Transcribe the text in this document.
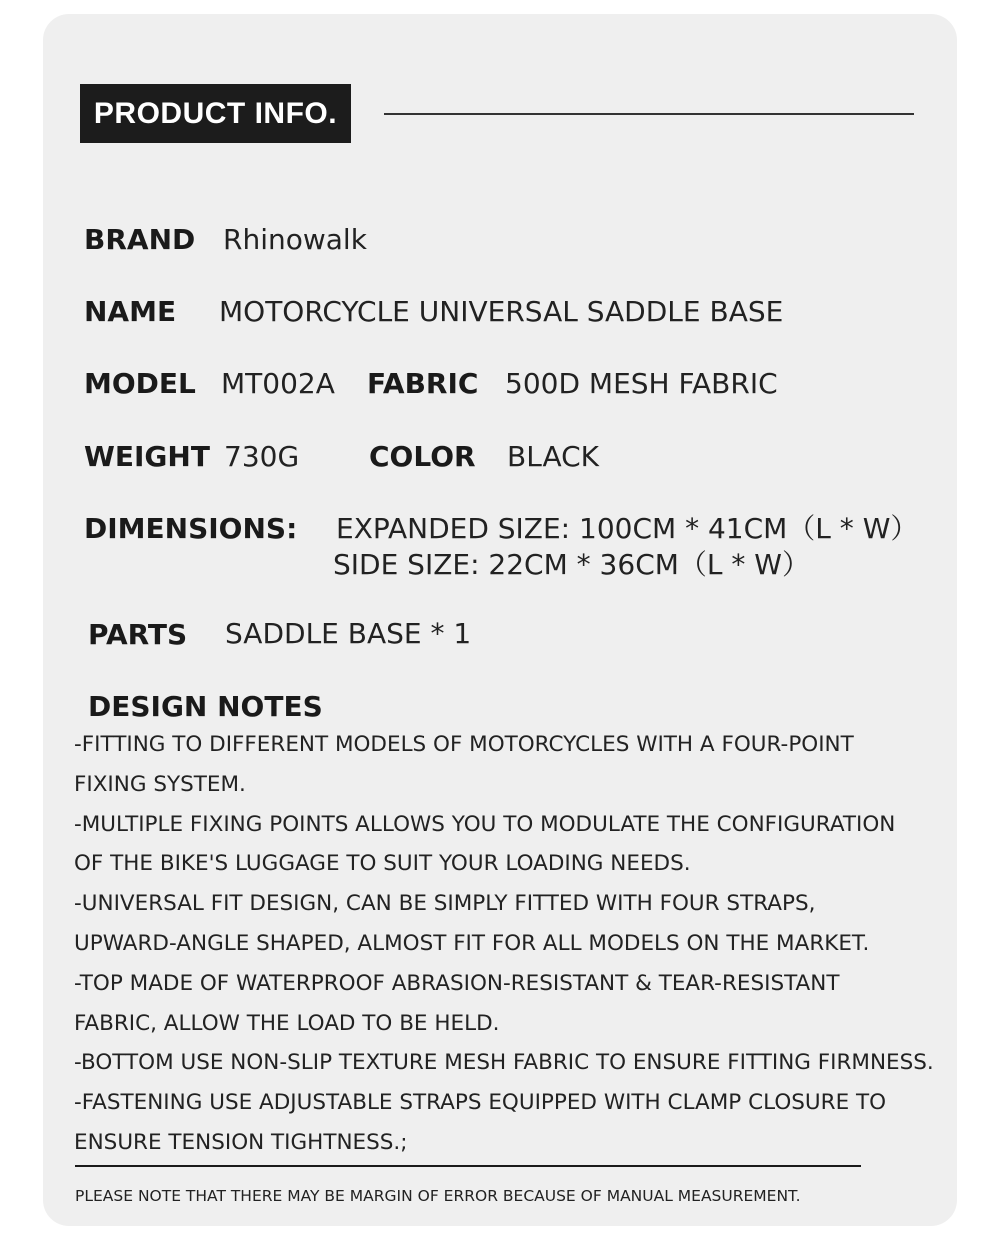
PRODUCT INFO.
BRAND Rhinowalk
NAME MOTORCYCLE UNIVERSAL SADDLE BASE
MODEL MT002A FABRIC 500D MESH FABRIC
WEIGHT 730G COLOR BLACK
DIMENSIONS: EXPANDED SIZE: 100CM * 41CM（L * W）
SIDE SIZE: 22CM * 36CM（L * W）
PARTS SADDLE BASE * 1
DESIGN NOTES
-FITTING TO DIFFERENT MODELS OF MOTORCYCLES WITH A FOUR-POINT
FIXING SYSTEM.
-MULTIPLE FIXING POINTS ALLOWS YOU TO MODULATE THE CONFIGURATION
OF THE BIKE'S LUGGAGE TO SUIT YOUR LOADING NEEDS.
-UNIVERSAL FIT DESIGN, CAN BE SIMPLY FITTED WITH FOUR STRAPS,
UPWARD-ANGLE SHAPED, ALMOST FIT FOR ALL MODELS ON THE MARKET.
-TOP MADE OF WATERPROOF ABRASION-RESISTANT & TEAR-RESISTANT
FABRIC, ALLOW THE LOAD TO BE HELD.
-BOTTOM USE NON-SLIP TEXTURE MESH FABRIC TO ENSURE FITTING FIRMNESS.
-FASTENING USE ADJUSTABLE STRAPS EQUIPPED WITH CLAMP CLOSURE TO
ENSURE TENSION TIGHTNESS.;
PLEASE NOTE THAT THERE MAY BE MARGIN OF ERROR BECAUSE OF MANUAL MEASUREMENT.
